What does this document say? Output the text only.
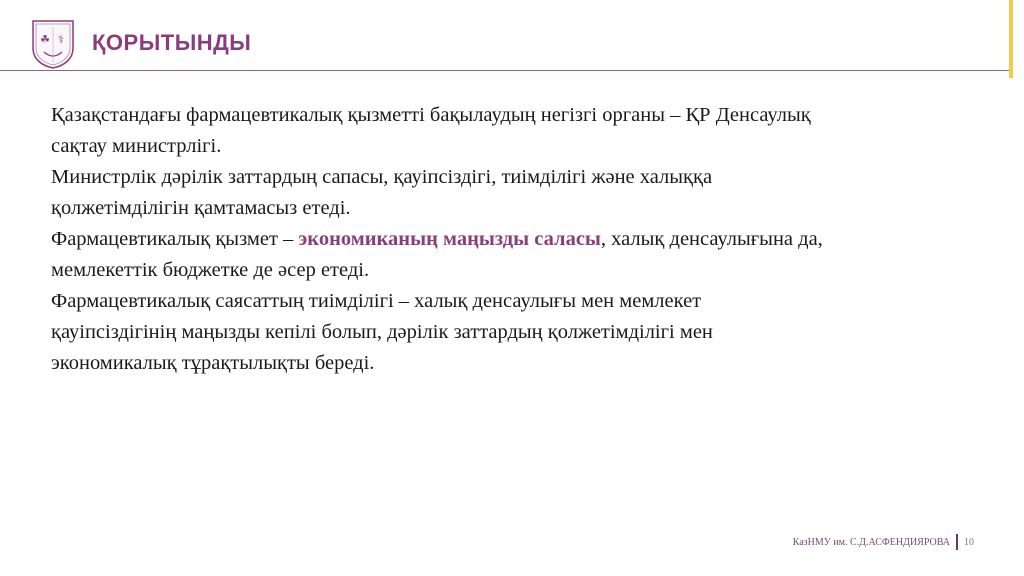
☘ ⚕ ҚОРЫТЫНДЫ

Қазақстандағы фармацевтикалық қызметті бақылаудың негізгі органы – ҚР Денсаулық сақтау министрлігі.

Министрлік дәрілік заттардың сапасы, қауіпсіздігі, тиімділігі және халыққа қолжетімділігін қамтамасыз етеді.

Фармацевтикалық қызмет – экономиканың маңызды саласы, халық денсаулығына да, мемлекеттік бюджетке де әсер етеді.

Фармацевтикалық саясаттың тиімділігі – халық денсаулығы мен мемлекет қауіпсіздігінің маңызды кепілі болып, дәрілік заттардың қолжетімділігі мен экономикалық тұрақтылықты береді.

КазНМУ им. С.Д.АСФЕНДИЯРОВА 10
